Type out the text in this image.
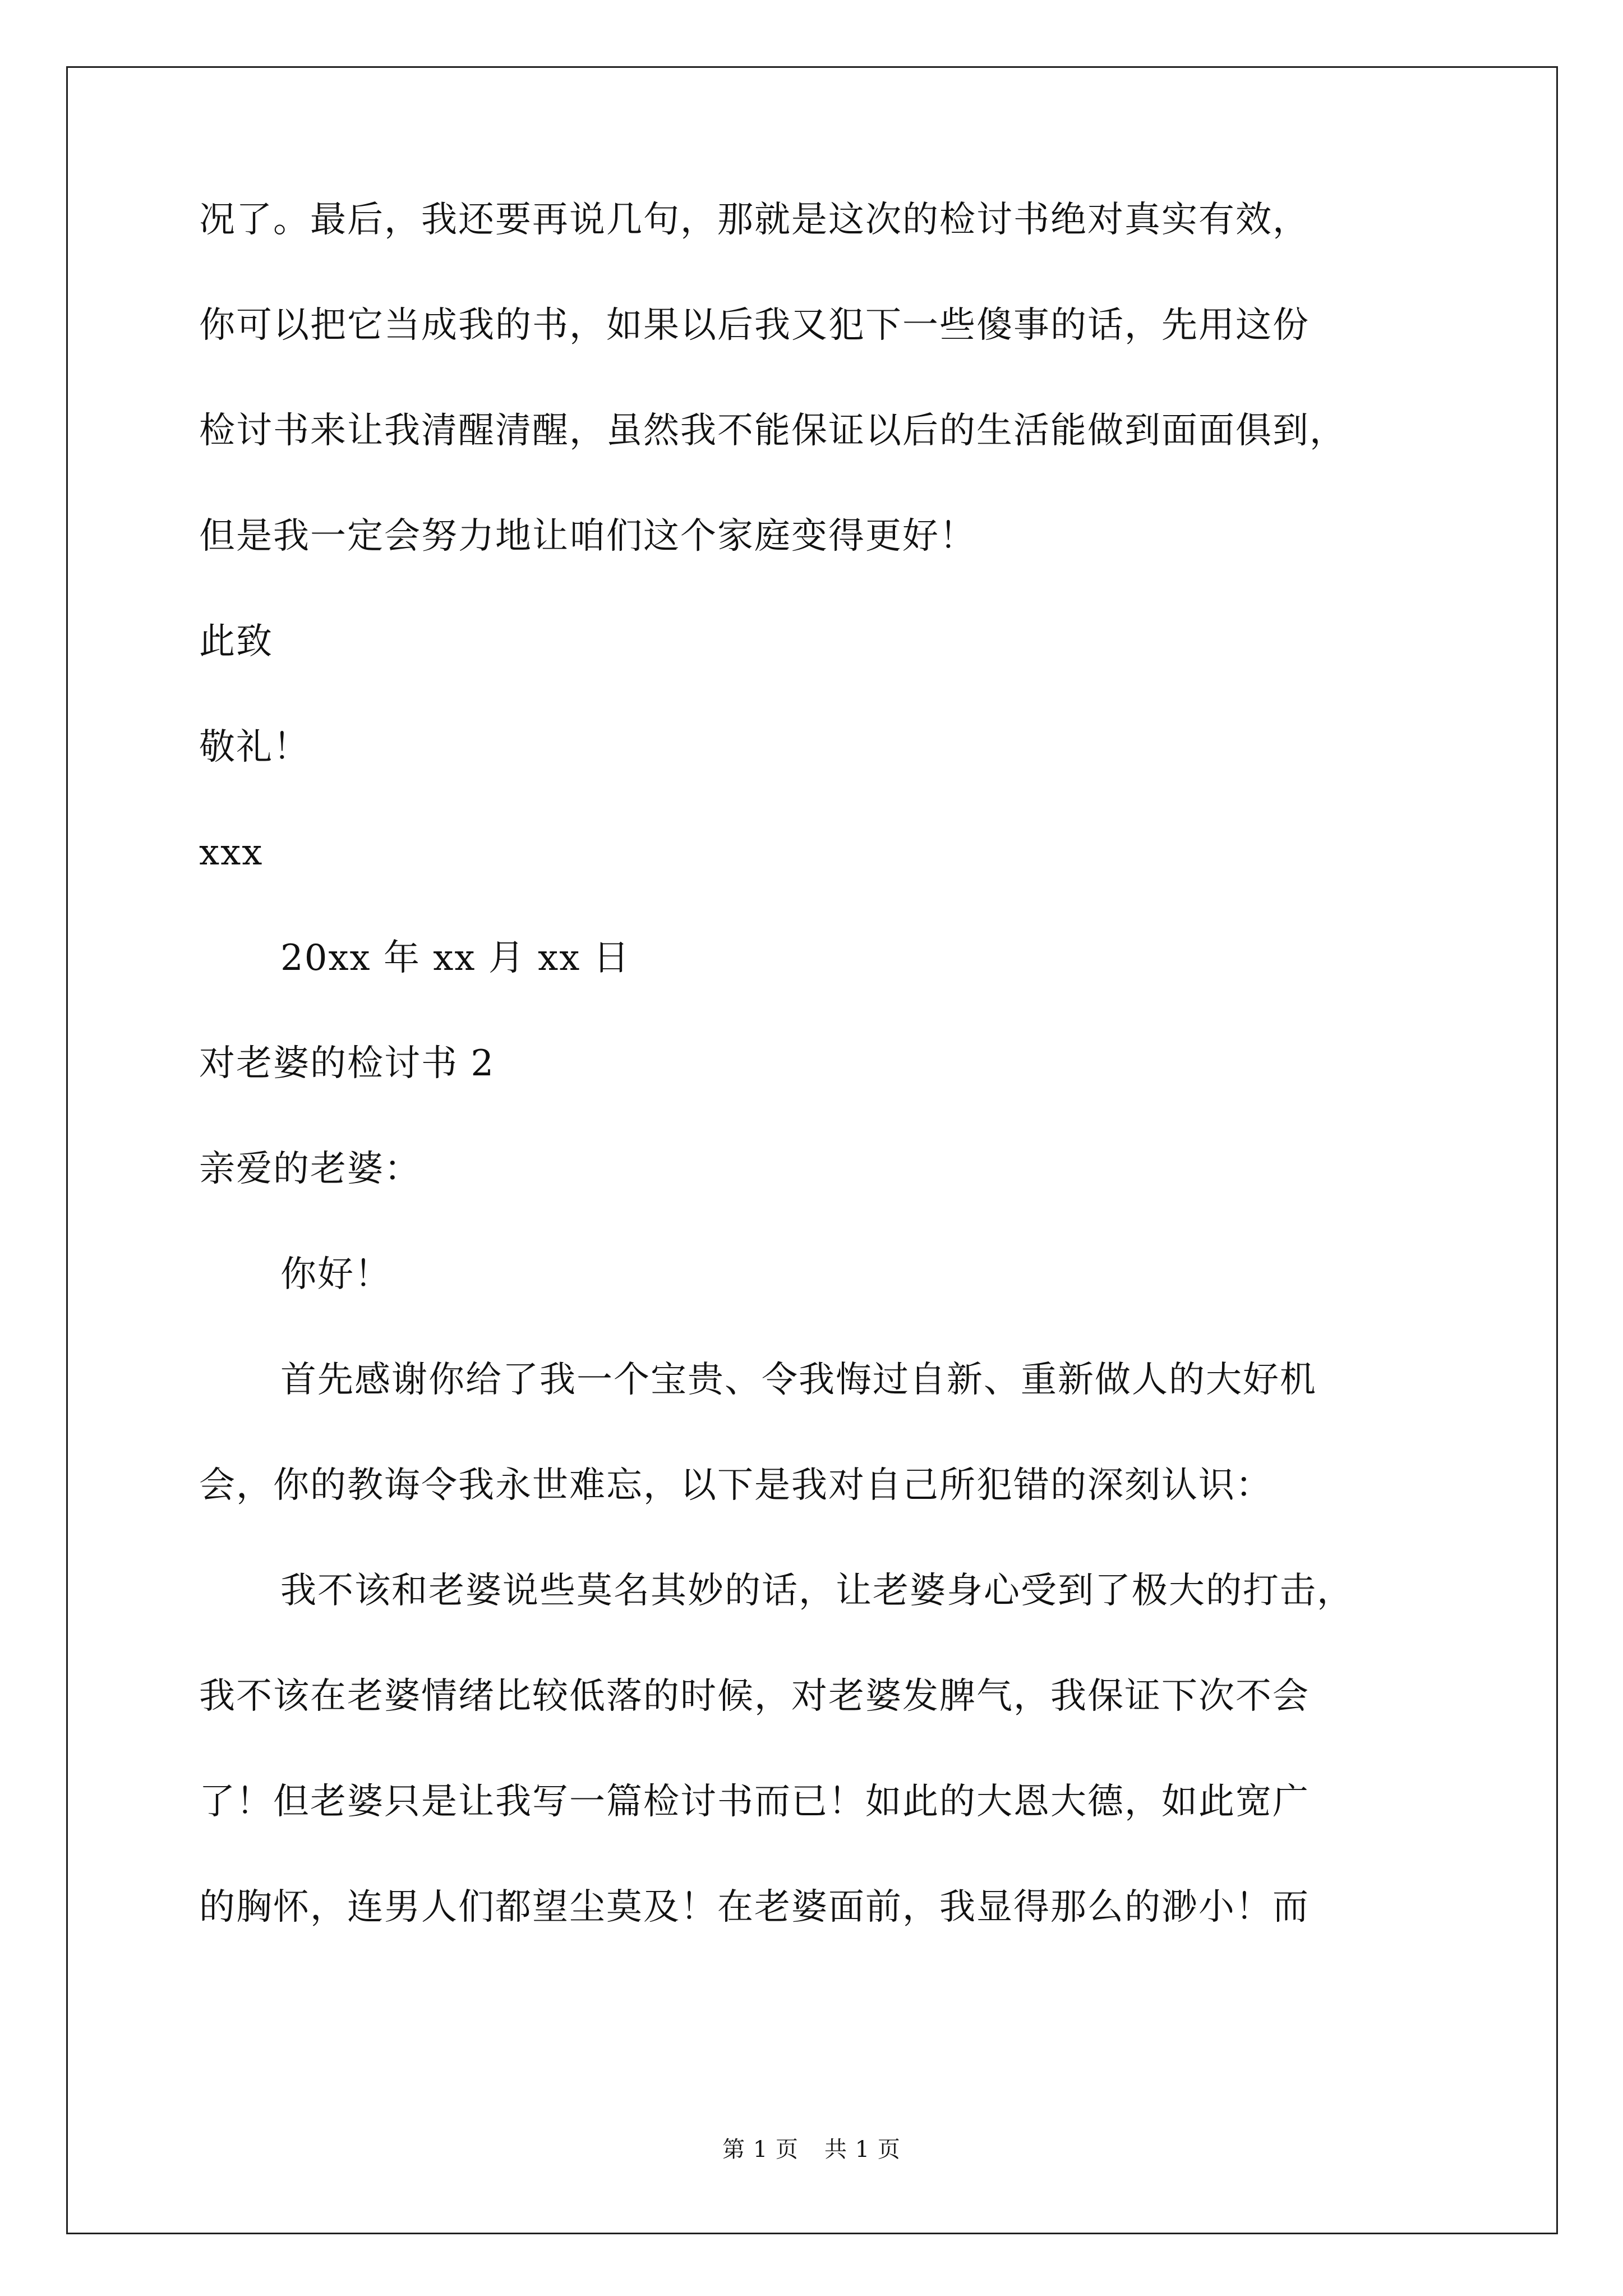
况了。最后，我还要再说几句，那就是这次的检讨书绝对真实有效，
你可以把它当成我的书，如果以后我又犯下一些傻事的话，先用这份
检讨书来让我清醒清醒，虽然我不能保证以后的生活能做到面面俱到，
但是我一定会努力地让咱们这个家庭变得更好！
此致
敬礼！
xxx
20xx 年 xx 月 xx 日
对老婆的检讨书 2
亲爱的老婆：
你好！
首先感谢你给了我一个宝贵、令我悔过自新、重新做人的大好机
会，你的教诲令我永世难忘，以下是我对自己所犯错的深刻认识：
我不该和老婆说些莫名其妙的话，让老婆身心受到了极大的打击，
我不该在老婆情绪比较低落的时候，对老婆发脾气，我保证下次不会
了！但老婆只是让我写一篇检讨书而已！如此的大恩大德，如此宽广
的胸怀，连男人们都望尘莫及！在老婆面前，我显得那么的渺小！而
第 1 页 共 1 页
